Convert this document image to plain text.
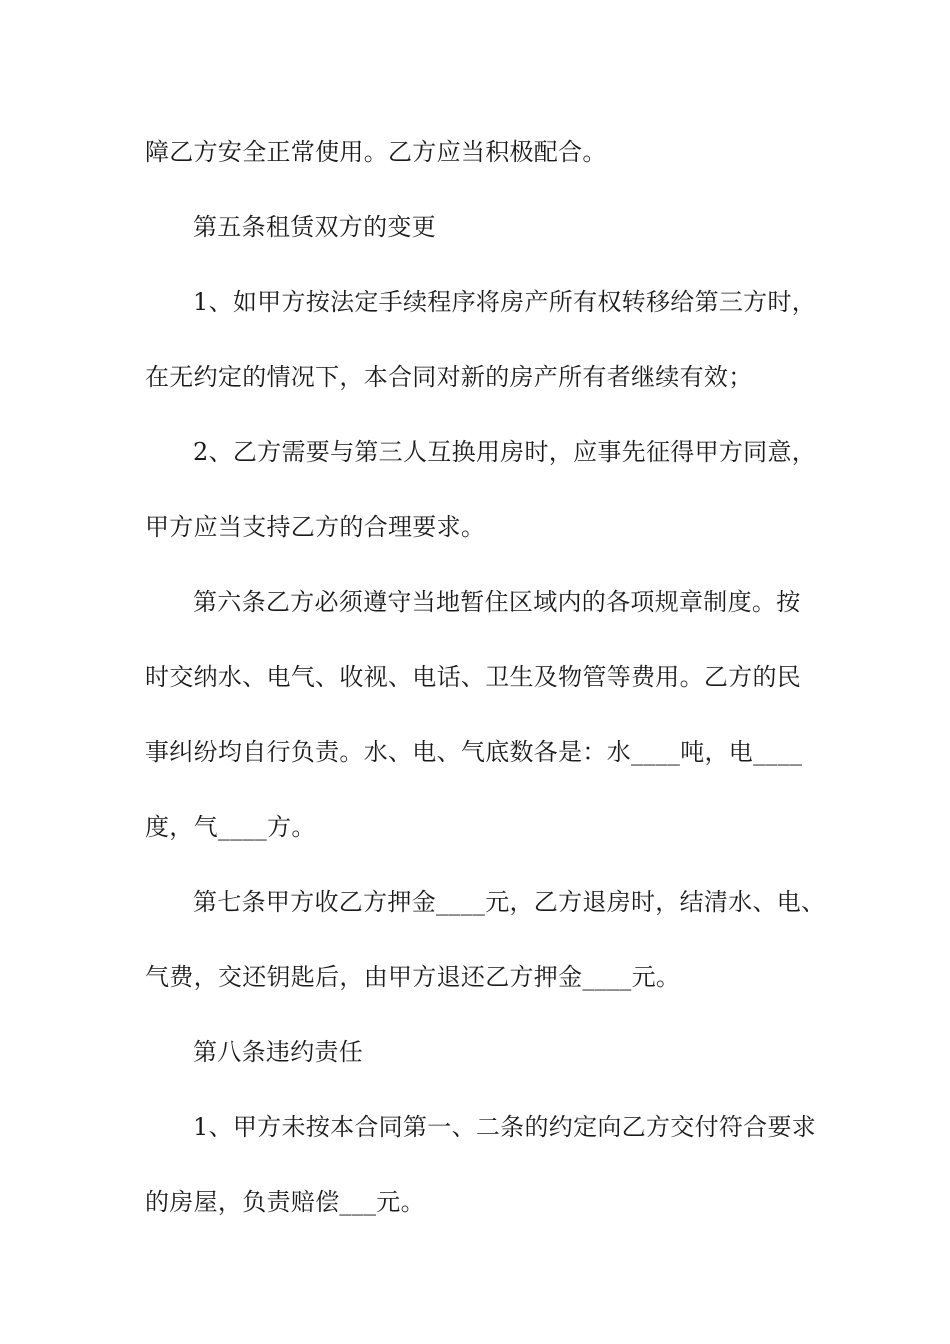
障乙方安全正常使用。乙方应当积极配合。
第五条租赁双方的变更
1、如甲方按法定手续程序将房产所有权转移给第三方时，
在无约定的情况下，本合同对新的房产所有者继续有效；
2、乙方需要与第三人互换用房时，应事先征得甲方同意，
甲方应当支持乙方的合理要求。
第六条乙方必须遵守当地暂住区域内的各项规章制度。按
时交纳水、电气、收视、电话、卫生及物管等费用。乙方的民
事纠纷均自行负责。水、电、气底数各是：水____吨，电____
度，气____方。
第七条甲方收乙方押金____元，乙方退房时，结清水、电、
气费，交还钥匙后，由甲方退还乙方押金____元。
第八条违约责任
1、甲方未按本合同第一、二条的约定向乙方交付符合要求
的房屋，负责赔偿___元。
